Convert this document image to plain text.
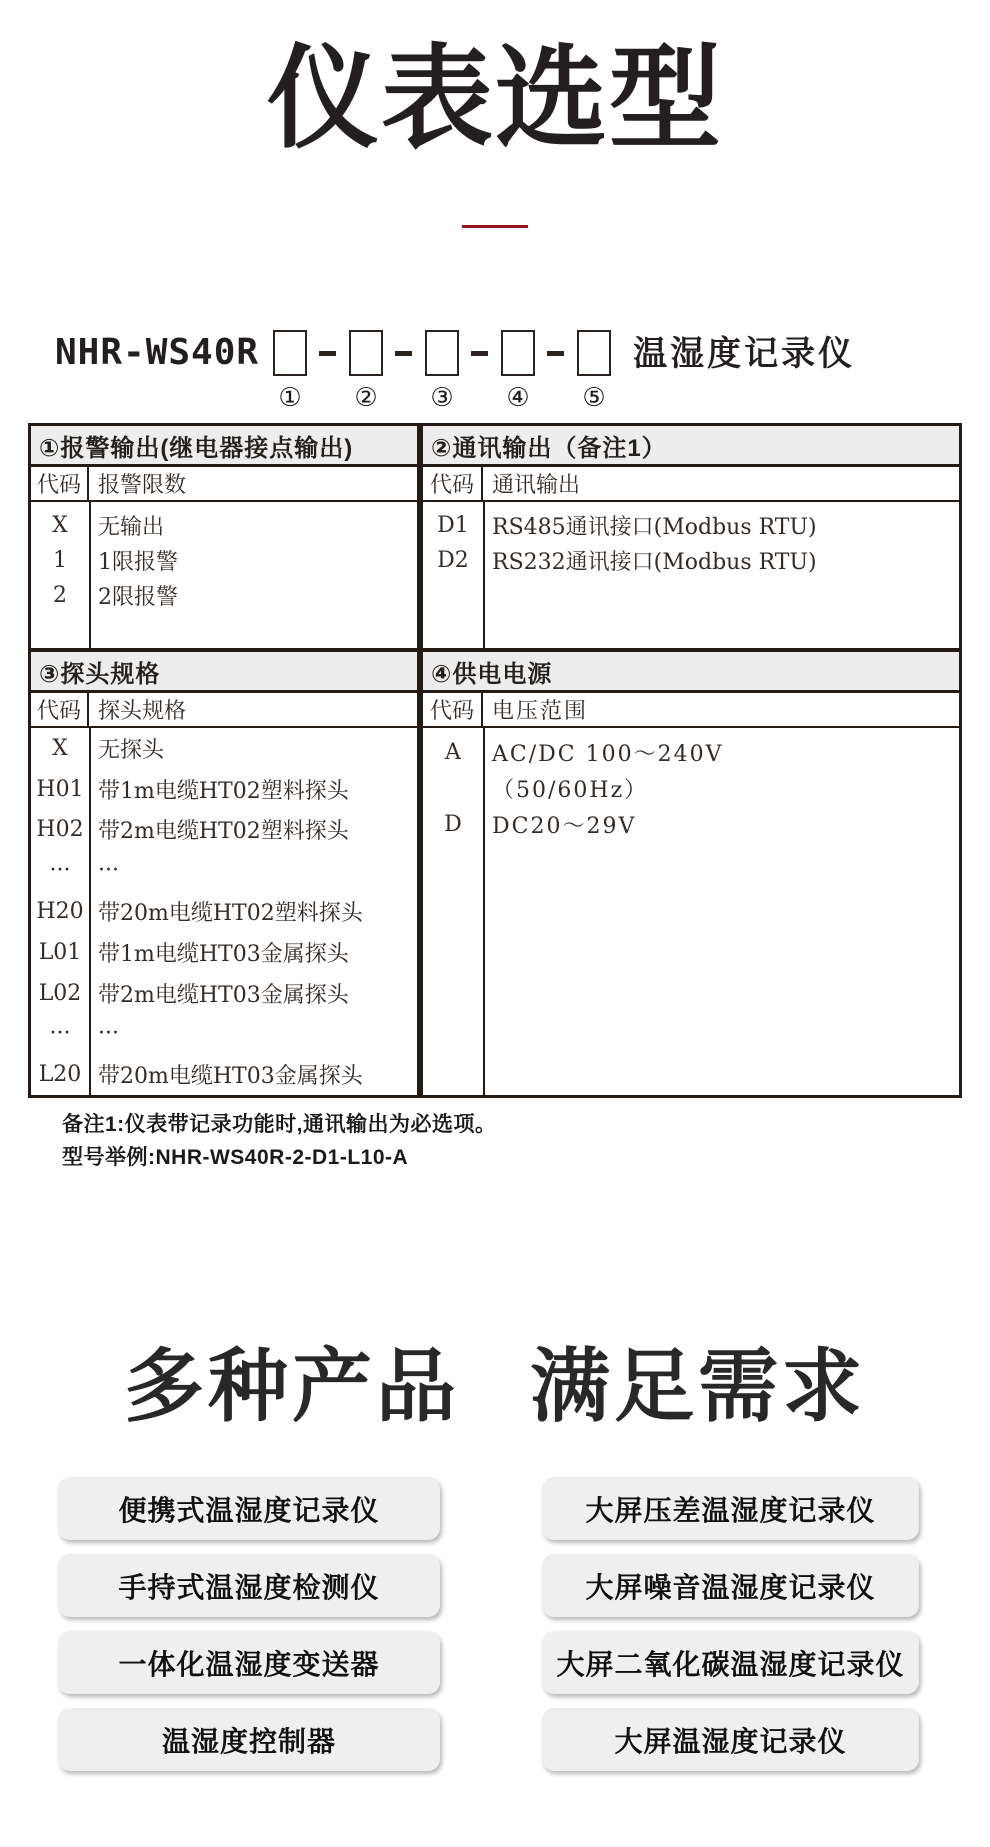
仪表选型
NHR-WS40R
① ② ③ ④ ⑤
温湿度记录仪
①报警输出(继电器接点输出)
代码 报警限数
X	无输出
1	1限报警
2	2限报警
②通讯输出（备注1）
代码 通讯输出
D1	RS485通讯接口(Modbus RTU)
D2	RS232通讯接口(Modbus RTU)
③探头规格
代码 探头规格
X	无探头
H01 带1m电缆HT02塑料探头
H02 带2m电缆HT02塑料探头
···	···
H20 带20m电缆HT02塑料探头
L01 带1m电缆HT03金属探头
L02 带2m电缆HT03金属探头
···	···
L20 带20m电缆HT03金属探头
④供电电源
代码 电压范围
A	AC/DC 100～240V
（50/60Hz）
D	DC20～29V
备注1:仪表带记录功能时,通讯输出为必选项。
型号举例:NHR-WS40R-2-D1-L10-A
多种产品 满足需求
便携式温湿度记录仪
手持式温湿度检测仪
一体化温湿度变送器
温湿度控制器
大屏压差温湿度记录仪
大屏噪音温湿度记录仪
大屏二氧化碳温湿度记录仪
大屏温湿度记录仪
